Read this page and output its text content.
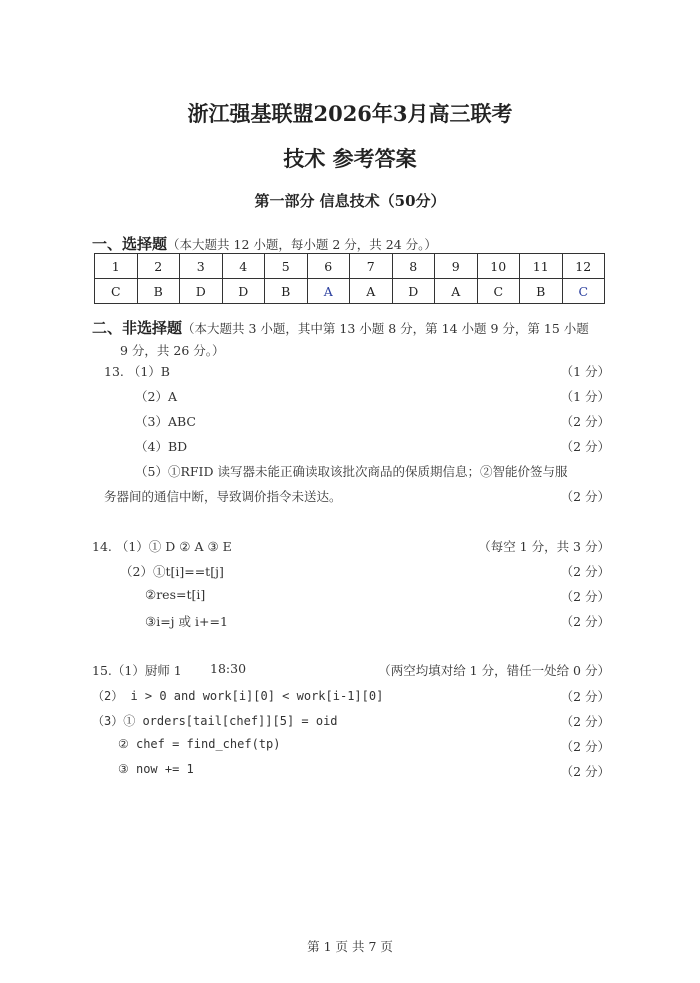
浙江强基联盟2026年3月高三联考
技术 参考答案
第一部分 信息技术（50分）
一、选择题（本大题共 12 小题，每小题 2 分，共 24 分。）
1	2	3	4	5	6	7	8	9	10	11	12
C	B	D	D	B	A	A	D	A	C	B	C
二、非选择题（本大题共 3 小题，其中第 13 小题 8 分，第 14 小题 9 分，第 15 小题
9 分，共 26 分。）
13. （1）B	（1 分）
（2）A	（1 分）
（3）ABC	（2 分）
（4）BD	（2 分）
（5）①RFID 读写器未能正确读取该批次商品的保质期信息；②智能价签与服
务器间的通信中断，导致调价指令未送达。	（2 分）
14. （1）① D ② A ③ E	（每空 1 分，共 3 分）
（2）①t[i]==t[j]	（2 分）
②res=t[i]	（2 分）
③i=j 或 i+=1	（2 分）
15.（1）厨师 1 18:30	（两空均填对给 1 分，错任一处给 0 分）
（2） i > 0 and work[i][0] < work[i-1][0]	（2 分）
（3）① orders[tail[chef]][5] = oid	（2 分）
② chef = find_chef(tp)	（2 分）
③ now += 1	（2 分）
第 1 页 共 7 页
